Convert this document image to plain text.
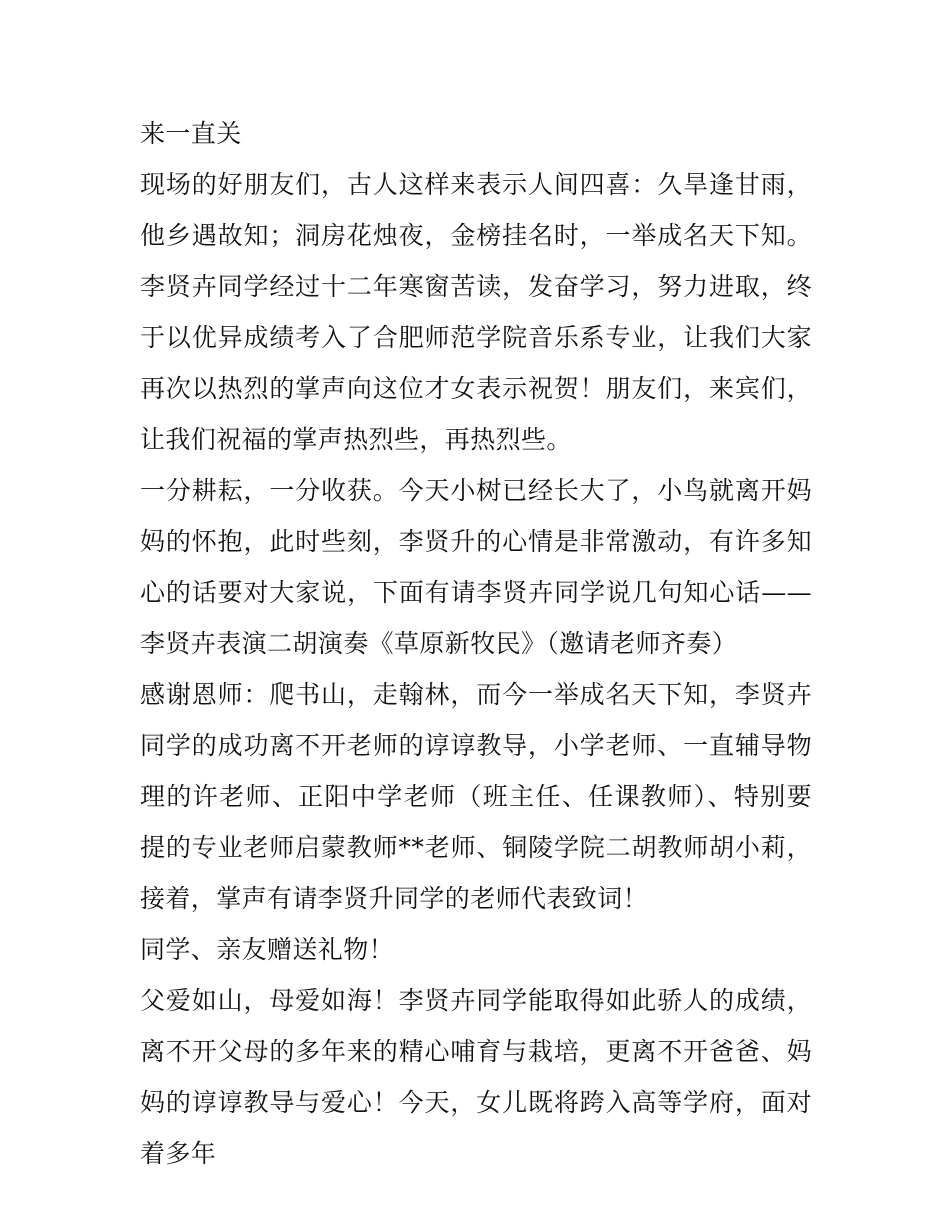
来一直关

现场的好朋友们，古人这样来表示人间四喜：久旱逢甘雨，他乡遇故知；洞房花烛夜，金榜挂名时，一举成名天下知。李贤卉同学经过十二年寒窗苦读，发奋学习，努力进取，终于以优异成绩考入了合肥师范学院音乐系专业，让我们大家再次以热烈的掌声向这位才女表示祝贺！朋友们，来宾们，让我们祝福的掌声热烈些，再热烈些。

一分耕耘，一分收获。今天小树已经长大了，小鸟就离开妈妈的怀抱，此时些刻，李贤升的心情是非常激动，有许多知心的话要对大家说，下面有请李贤卉同学说几句知心话——李贤卉表演二胡演奏《草原新牧民》（邀请老师齐奏）

感谢恩师：爬书山，走翰林，而今一举成名天下知，李贤卉同学的成功离不开老师的谆谆教导，小学老师、一直辅导物理的许老师、正阳中学老师（班主任、任课教师）、特别要提的专业老师启蒙教师**老师、铜陵学院二胡教师胡小莉，接着，掌声有请李贤升同学的老师代表致词！

同学、亲友赠送礼物！

父爱如山，母爱如海！李贤卉同学能取得如此骄人的成绩，离不开父母的多年来的精心哺育与栽培，更离不开爸爸、妈妈的谆谆教导与爱心！今天，女儿既将跨入高等学府，面对着多年
